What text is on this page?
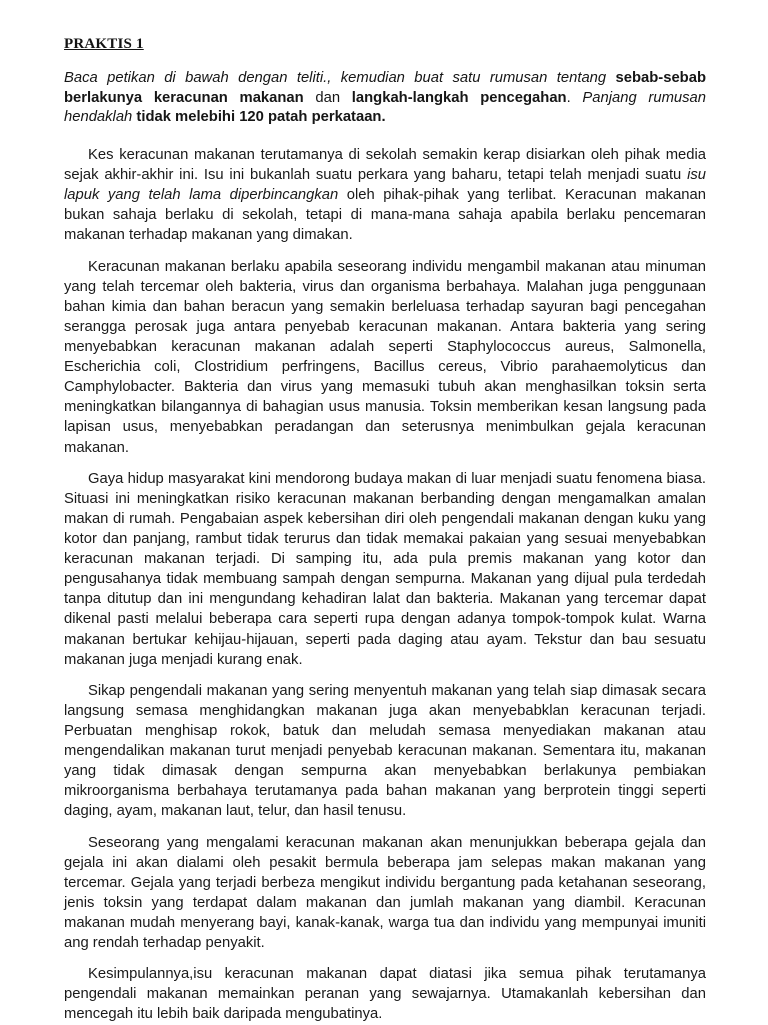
PRAKTIS 1

Baca petikan di bawah dengan teliti., kemudian buat satu rumusan tentang sebab-sebab berlakunya keracunan makanan dan langkah-langkah pencegahan. Panjang rumusan hendaklah tidak melebihi 120 patah perkataan.

Kes keracunan makanan terutamanya di sekolah semakin kerap disiarkan oleh pihak media sejak akhir-akhir ini. Isu ini bukanlah suatu perkara yang baharu, tetapi telah menjadi suatu isu lapuk yang telah lama diperbincangkan oleh pihak-pihak yang terlibat. Keracunan makanan bukan sahaja berlaku di sekolah, tetapi di mana-mana sahaja apabila berlaku pencemaran makanan terhadap makanan yang dimakan.

Keracunan makanan berlaku apabila seseorang individu mengambil makanan atau minuman yang telah tercemar oleh bakteria, virus dan organisma berbahaya. Malahan juga penggunaan bahan kimia dan bahan beracun yang semakin berleluasa terhadap sayuran bagi pencegahan serangga perosak juga antara penyebab keracunan makanan. Antara bakteria yang sering menyebabkan keracunan makanan adalah seperti Staphylococcus aureus, Salmonella, Escherichia coli, Clostridium perfringens, Bacillus cereus, Vibrio parahaemolyticus dan Camphylobacter. Bakteria dan virus yang memasuki tubuh akan menghasilkan toksin serta meningkatkan bilangannya di bahagian usus manusia. Toksin memberikan kesan langsung pada lapisan usus, menyebabkan peradangan dan seterusnya menimbulkan gejala keracunan makanan.

Gaya hidup masyarakat kini mendorong budaya makan di luar menjadi suatu fenomena biasa. Situasi ini meningkatkan risiko keracunan makanan berbanding dengan mengamalkan amalan makan di rumah. Pengabaian aspek kebersihan diri oleh pengendali makanan dengan kuku yang kotor dan panjang, rambut tidak terurus dan tidak memakai pakaian yang sesuai menyebabkan keracunan makanan terjadi. Di samping itu, ada pula premis makanan yang kotor dan pengusahanya tidak membuang sampah dengan sempurna. Makanan yang dijual pula terdedah tanpa ditutup dan ini mengundang kehadiran lalat dan bakteria. Makanan yang tercemar dapat dikenal pasti melalui beberapa cara seperti rupa dengan adanya tompok-tompok kulat. Warna makanan bertukar kehijau-hijauan, seperti pada daging atau ayam. Tekstur dan bau sesuatu makanan juga menjadi kurang enak.

Sikap pengendali makanan yang sering menyentuh makanan yang telah siap dimasak secara langsung semasa menghidangkan makanan juga akan menyebabklan keracunan terjadi. Perbuatan menghisap rokok, batuk dan meludah semasa menyediakan makanan atau mengendalikan makanan turut menjadi penyebab keracunan makanan. Sementara itu, makanan yang tidak dimasak dengan sempurna akan menyebabkan berlakunya pembiakan mikroorganisma berbahaya terutamanya pada bahan makanan yang berprotein tinggi seperti daging, ayam, makanan laut, telur, dan hasil tenusu.

Seseorang yang mengalami keracunan makanan akan menunjukkan beberapa gejala dan gejala ini akan dialami oleh pesakit bermula beberapa jam selepas makan makanan yang tercemar. Gejala yang terjadi berbeza mengikut individu bergantung pada ketahanan seseorang, jenis toksin yang terdapat dalam makanan dan jumlah makanan yang diambil. Keracunan makanan mudah menyerang bayi, kanak-kanak, warga tua dan individu yang mempunyai imuniti ang rendah terhadap penyakit.

Kesimpulannya,isu keracunan makanan dapat diatasi jika semua pihak terutamanya pengendali makanan memainkan peranan yang sewajarnya. Utamakanlah kebersihan dan mencegah itu lebih baik daripada mengubatinya.
